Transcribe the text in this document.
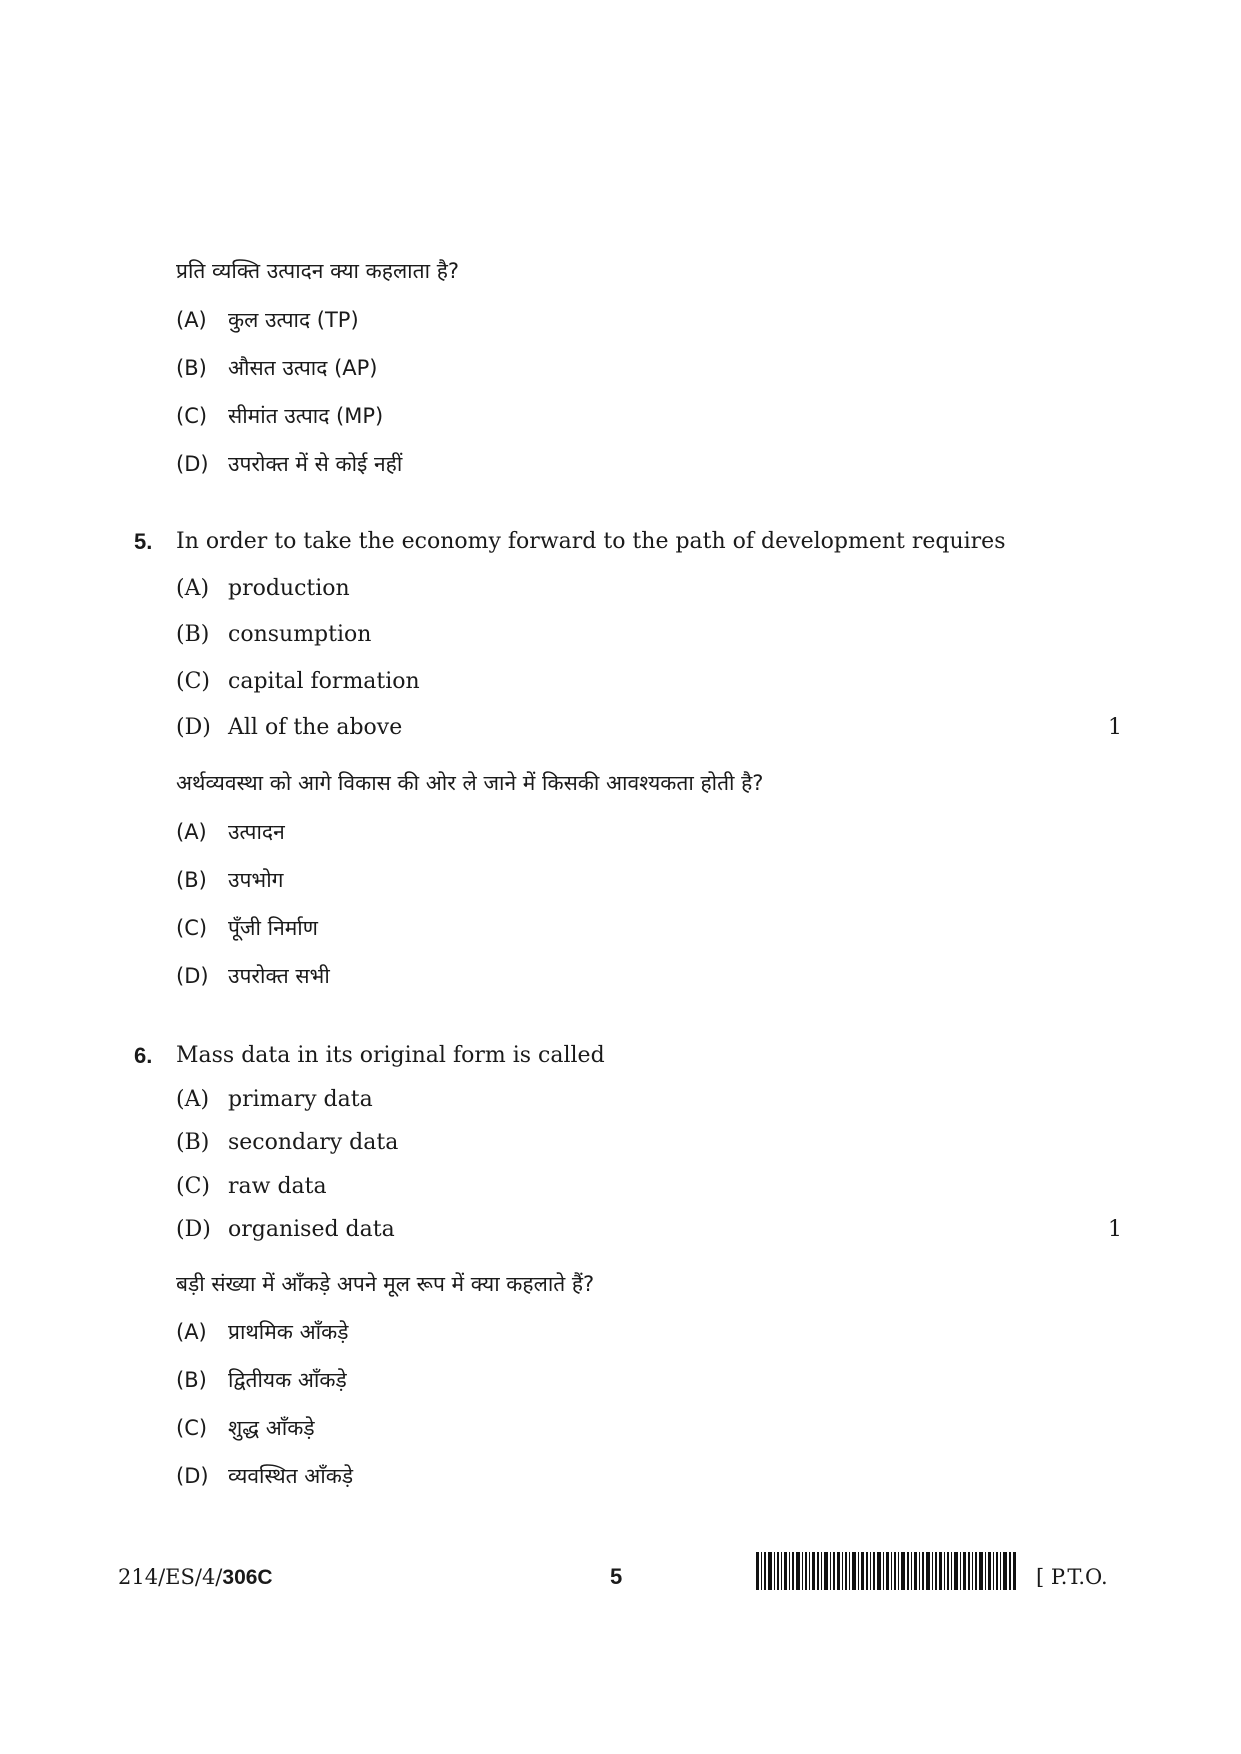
प्रति व्यक्ति उत्पादन क्या कहलाता है?
(A) कुल उत्पाद (TP)
(B) औसत उत्पाद (AP)
(C) सीमांत उत्पाद (MP)
(D) उपरोक्त में से कोई नहीं
5. In order to take the economy forward to the path of development requires
(A) production
(B) consumption
(C) capital formation
(D) All of the above	1
अर्थव्यवस्था को आगे विकास की ओर ले जाने में किसकी आवश्यकता होती है?
(A) उत्पादन
(B) उपभोग
(C) पूँजी निर्माण
(D) उपरोक्त सभी
6. Mass data in its original form is called
(A) primary data
(B) secondary data
(C) raw data
(D) organised data	1
बड़ी संख्या में आँकड़े अपने मूल रूप में क्या कहलाते हैं?
(A) प्राथमिक आँकड़े
(B) द्वितीयक आँकड़े
(C) शुद्ध आँकड़े
(D) व्यवस्थित आँकड़े
214/ES/4/306C	5	[ P.T.O.
